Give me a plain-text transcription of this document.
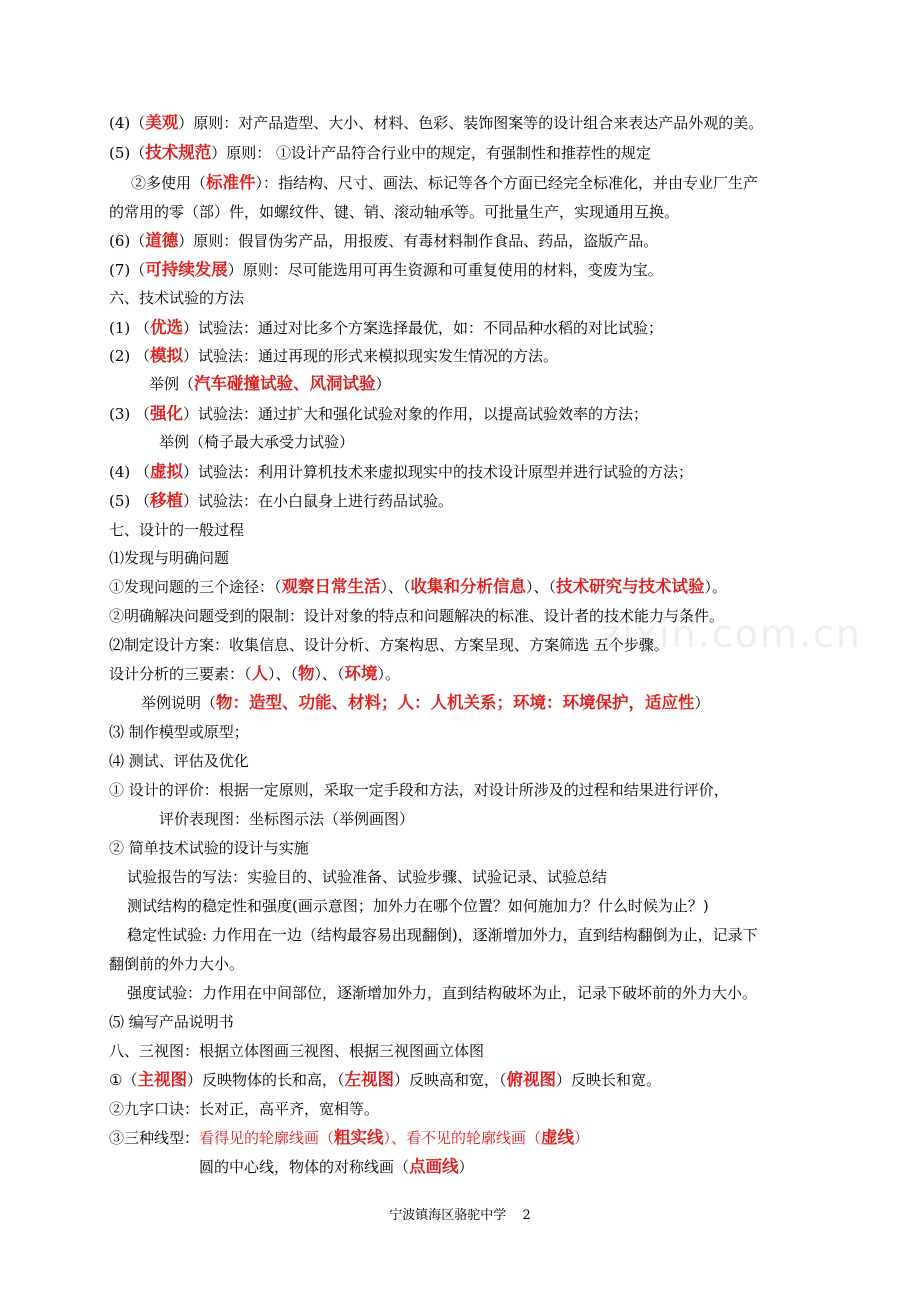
zixin.com.cn
(4)（美观）原则：对产品造型、大小、材料、色彩、装饰图案等的设计组合来表达产品外观的美。
(5)（技术规范）原则： ①设计产品符合行业中的规定，有强制性和推荐性的规定
②多使用（标准件）：指结构、尺寸、画法、标记等各个方面已经完全标准化，并由专业厂生产
的常用的零（部）件，如螺纹件、键、销、滚动轴承等。可批量生产，实现通用互换。
(6)（道德）原则：假冒伪劣产品，用报废、有毒材料制作食品、药品，盗版产品。
(7)（可持续发展）原则：尽可能选用可再生资源和可重复使用的材料，变废为宝。
六、技术试验的方法
(1) （优选）试验法：通过对比多个方案选择最优，如：不同品种水稻的对比试验；
(2) （模拟）试验法：通过再现的形式来模拟现实发生情况的方法。
举例（汽车碰撞试验、风洞试验）
(3) （强化）试验法：通过扩大和强化试验对象的作用，以提高试验效率的方法；
举例（椅子最大承受力试验）
(4) （虚拟）试验法：利用计算机技术来虚拟现实中的技术设计原型并进行试验的方法；
(5) （移植）试验法：在小白鼠身上进行药品试验。
七、设计的一般过程
⑴发现与明确问题
①发现问题的三个途径：（观察日常生活）、（收集和分析信息）、（技术研究与技术试验）。
②明确解决问题受到的限制：设计对象的特点和问题解决的标准、设计者的技术能力与条件。
⑵制定设计方案：收集信息、设计分析、方案构思、方案呈现、方案筛选 五个步骤。
设计分析的三要素：（人）、（物）、（环境）。
举例说明（物：造型、功能、材料；人：人机关系；环境：环境保护，适应性）
⑶ 制作模型或原型；
⑷ 测试、评估及优化
① 设计的评价：根据一定原则，采取一定手段和方法，对设计所涉及的过程和结果进行评价，
评价表现图：坐标图示法（举例画图）
② 简单技术试验的设计与实施
试验报告的写法：实验目的、试验准备、试验步骤、试验记录、试验总结
测试结构的稳定性和强度(画示意图；加外力在哪个位置？如何施加力？什么时候为止？)
稳定性试验: 力作用在一边（结构最容易出现翻倒)，逐渐增加外力，直到结构翻倒为止，记录下
翻倒前的外力大小。
强度试验：力作用在中间部位，逐渐增加外力，直到结构破坏为止，记录下破坏前的外力大小。
⑸ 编写产品说明书
八、三视图：根据立体图画三视图、根据三视图画立体图
①（主视图）反映物体的长和高，（左视图）反映高和宽，（俯视图）反映长和宽。
②九字口诀：长对正，高平齐，宽相等。
③三种线型：看得见的轮廓线画（粗实线）、看不见的轮廓线画（虚线）
圆的中心线，物体的对称线画（点画线）
宁波镇海区骆驼中学 2
